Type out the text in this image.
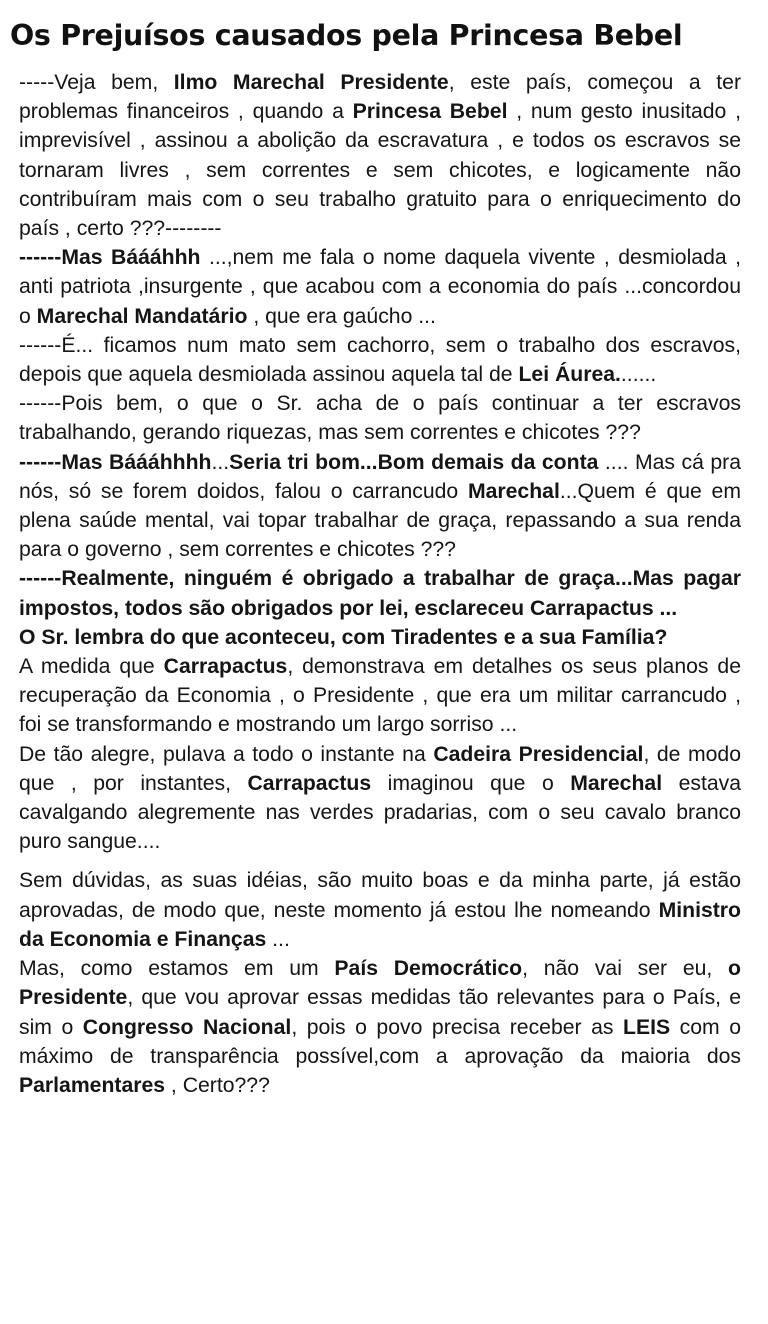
Os Prejuísos causados pela Princesa Bebel

-----Veja bem, Ilmo Marechal Presidente, este país, começou a ter problemas financeiros , quando a Princesa Bebel , num gesto inusitado , imprevisível , assinou a abolição da escravatura , e todos os escravos se tornaram livres , sem correntes e sem chicotes, e logicamente não contribuíram mais com o seu trabalho gratuito para o enriquecimento do país , certo ???--------

------Mas Báááhhh ...,nem me fala o nome daquela vivente , desmiolada , anti patriota ,insurgente , que acabou com a economia do país ...concordou o Marechal Mandatário , que era gaúcho ...

------É... ficamos num mato sem cachorro, sem o trabalho dos escravos, depois que aquela desmiolada assinou aquela tal de Lei Áurea.......

------Pois bem, o que o Sr. acha de o país continuar a ter escravos trabalhando, gerando riquezas, mas sem correntes e chicotes ???

------Mas Báááhhhh...Seria tri bom...Bom demais da conta .... Mas cá pra nós, só se forem doidos, falou o carrancudo Marechal...Quem é que em plena saúde mental, vai topar trabalhar de graça, repassando a sua renda para o governo , sem correntes e chicotes ???

------Realmente, ninguém é obrigado a trabalhar de graça...Mas pagar impostos, todos são obrigados por lei, esclareceu Carrapactus ...

O Sr. lembra do que aconteceu, com Tiradentes e a sua Família?

A medida que Carrapactus, demonstrava em detalhes os seus planos de recuperação da Economia , o Presidente , que era um militar carrancudo , foi se transformando e mostrando um largo sorriso ...

De tão alegre, pulava a todo o instante na Cadeira Presidencial, de modo que , por instantes, Carrapactus imaginou que o Marechal estava cavalgando alegremente nas verdes pradarias, com o seu cavalo branco puro sangue....

Sem dúvidas, as suas idéias, são muito boas e da minha parte, já estão aprovadas, de modo que, neste momento já estou lhe nomeando Ministro da Economia e Finanças ...

Mas, como estamos em um País Democrático, não vai ser eu, o Presidente, que vou aprovar essas medidas tão relevantes para o País, e sim o Congresso Nacional, pois o povo precisa receber as LEIS com o máximo de transparência possível,com a aprovação da maioria dos Parlamentares , Certo???
